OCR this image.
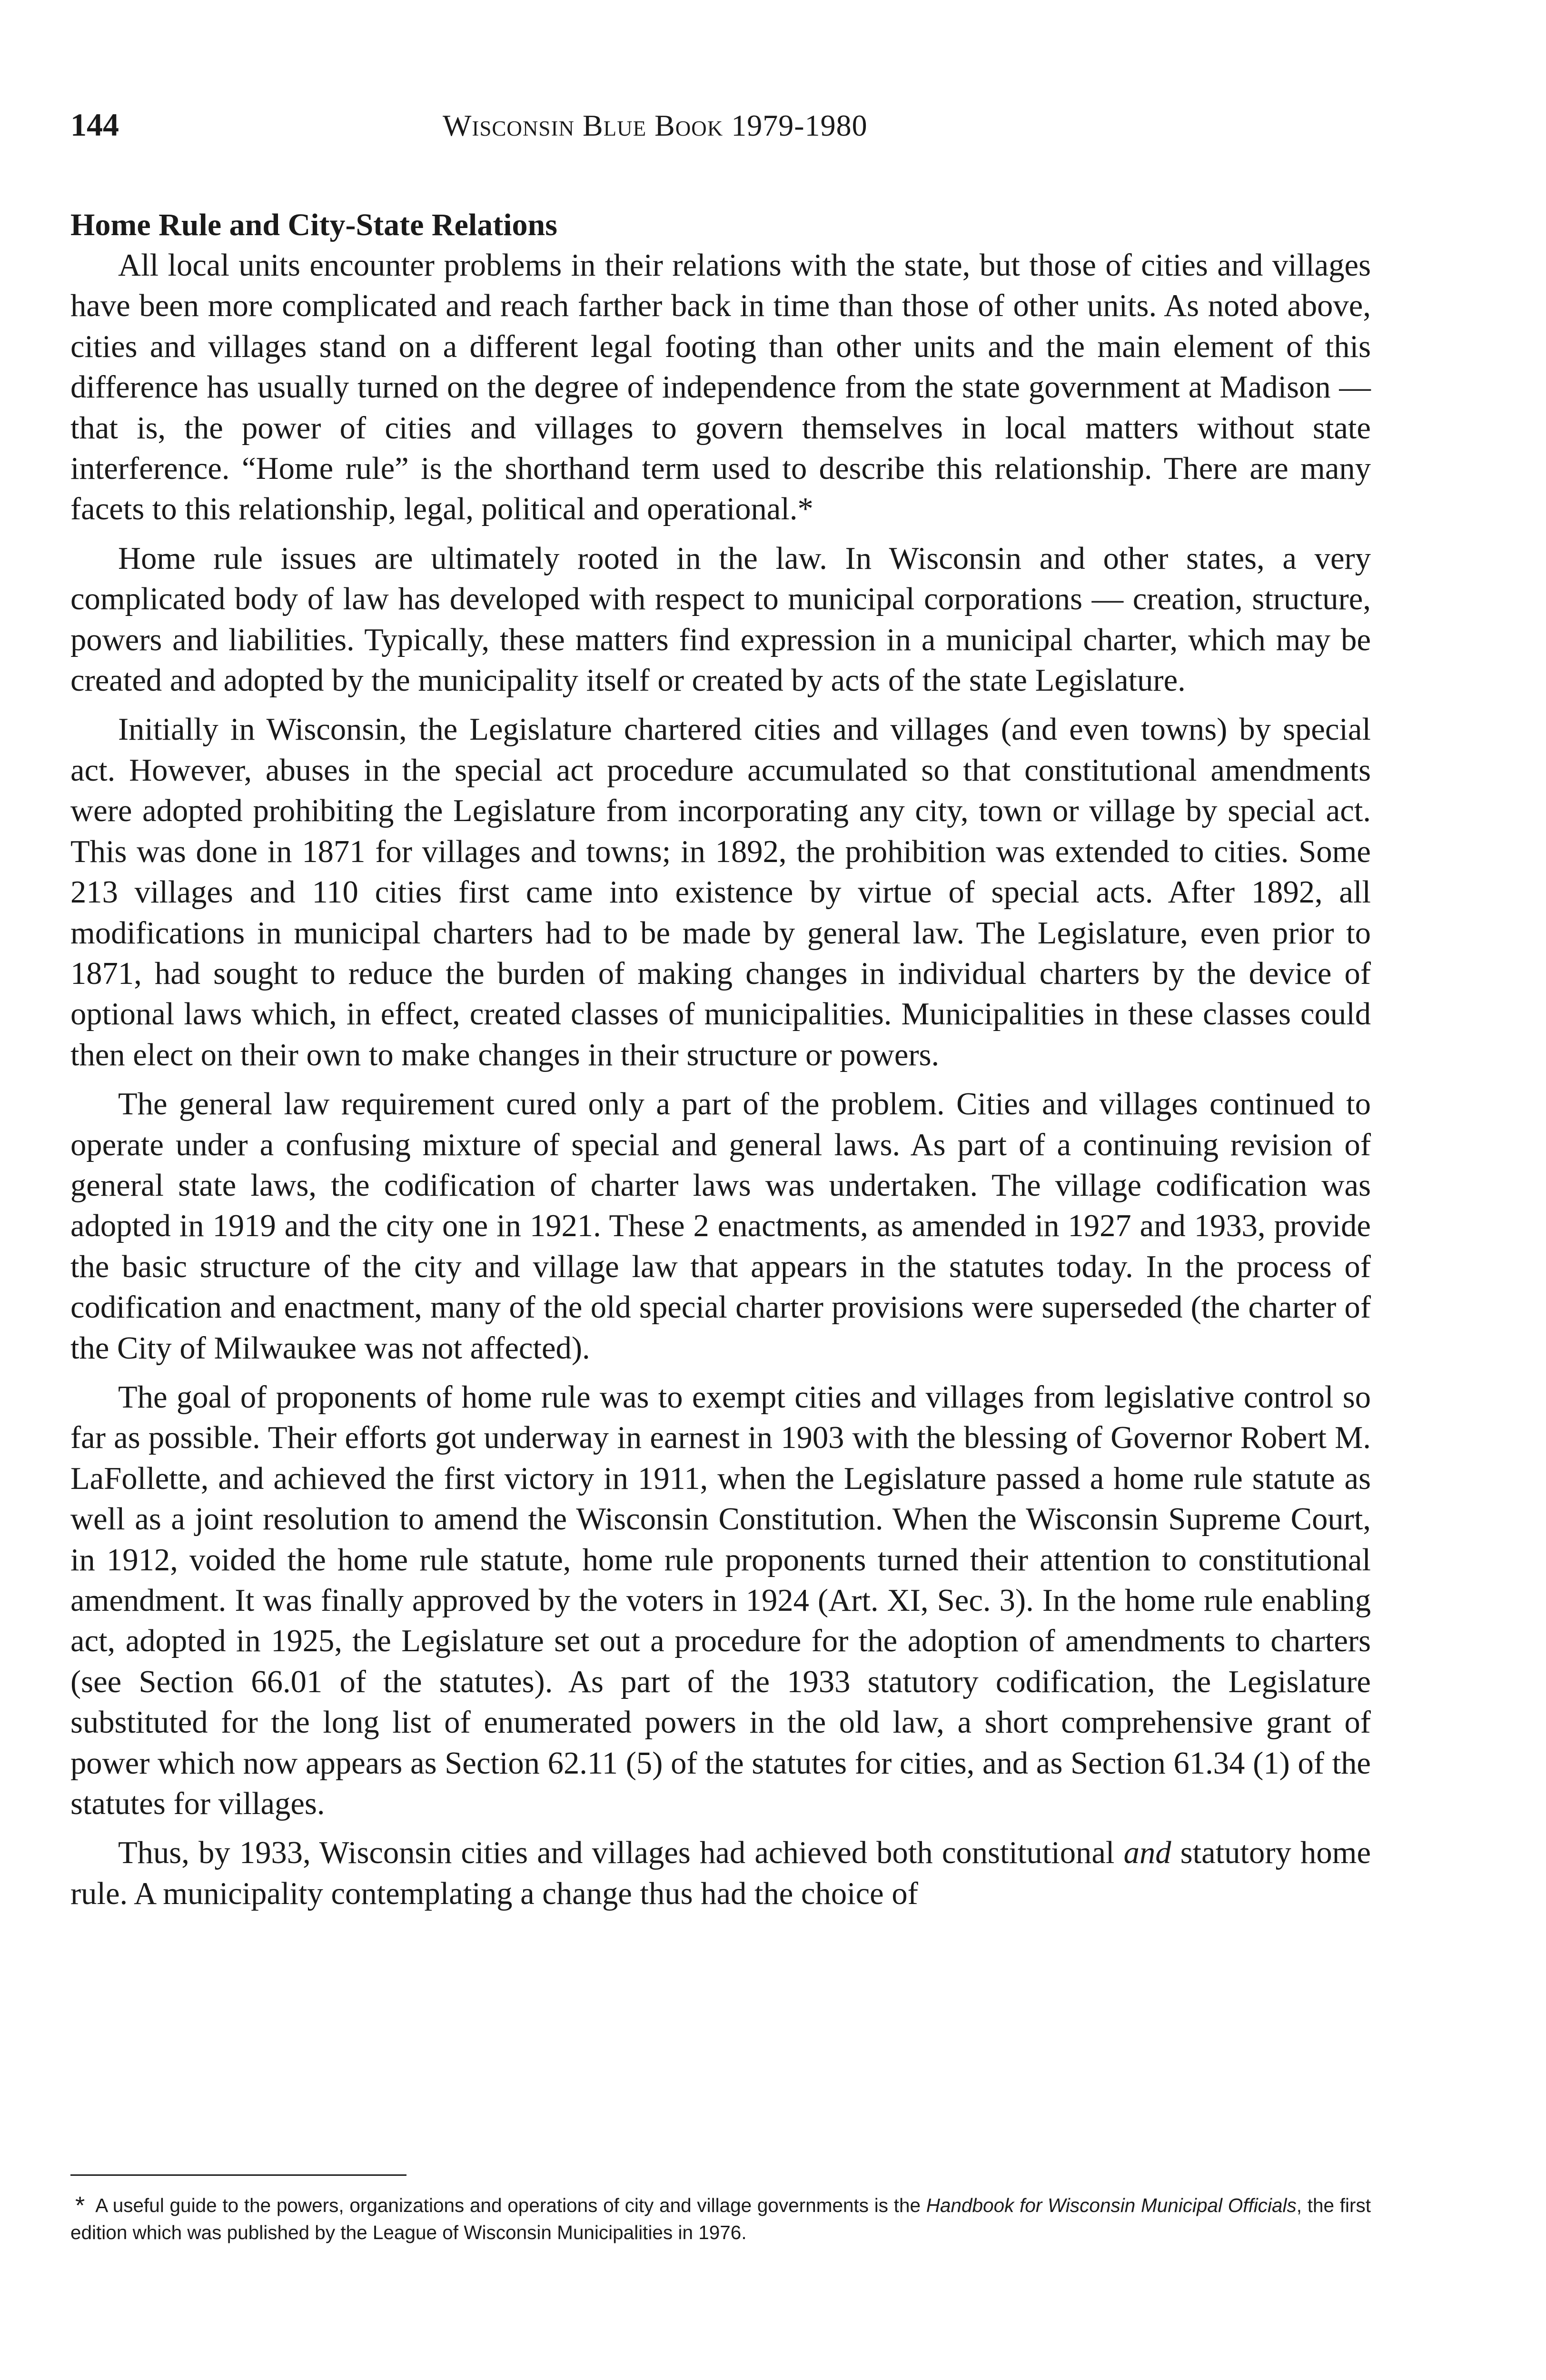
144	Wisconsin Blue Book 1979-1980
Home Rule and City-State Relations

All local units encounter problems in their relations with the state, but those of cities and villages have been more complicated and reach farther back in time than those of other units. As noted above, cities and villages stand on a different legal footing than other units and the main element of this difference has usually turned on the degree of independence from the state government at Madison — that is, the power of cities and villages to govern themselves in local matters without state interference. “Home rule” is the shorthand term used to describe this relationship. There are many facets to this relationship, legal, political and operational.*

Home rule issues are ultimately rooted in the law. In Wisconsin and other states, a very complicated body of law has developed with respect to municipal corporations — creation, structure, powers and liabilities. Typically, these matters find expression in a municipal charter, which may be created and adopted by the municipality itself or created by acts of the state Legislature.

Initially in Wisconsin, the Legislature chartered cities and villages (and even towns) by special act. However, abuses in the special act procedure accumulated so that constitutional amendments were adopted prohibiting the Legislature from incorporating any city, town or village by special act. This was done in 1871 for villages and towns; in 1892, the prohibition was extended to cities. Some 213 villages and 110 cities first came into existence by virtue of special acts. After 1892, all modifications in municipal charters had to be made by general law. The Legislature, even prior to 1871, had sought to reduce the burden of making changes in individual charters by the device of optional laws which, in effect, created classes of municipalities. Municipalities in these classes could then elect on their own to make changes in their structure or powers.

The general law requirement cured only a part of the problem. Cities and villages continued to operate under a confusing mixture of special and general laws. As part of a continuing revision of general state laws, the codification of charter laws was undertaken. The village codification was adopted in 1919 and the city one in 1921. These 2 enactments, as amended in 1927 and 1933, provide the basic structure of the city and village law that appears in the statutes today. In the process of codification and enactment, many of the old special charter provisions were superseded (the charter of the City of Milwaukee was not affected).

The goal of proponents of home rule was to exempt cities and villages from legislative control so far as possible. Their efforts got underway in earnest in 1903 with the blessing of Governor Robert M. LaFollette, and achieved the first victory in 1911, when the Legislature passed a home rule statute as well as a joint resolution to amend the Wisconsin Constitution. When the Wisconsin Supreme Court, in 1912, voided the home rule statute, home rule proponents turned their attention to constitutional amendment. It was finally approved by the voters in 1924 (Art. XI, Sec. 3). In the home rule enabling act, adopted in 1925, the Legislature set out a procedure for the adoption of amendments to charters (see Section 66.01 of the statutes). As part of the 1933 statutory codification, the Legislature substituted for the long list of enumerated powers in the old law, a short comprehensive grant of power which now appears as Section 62.11 (5) of the statutes for cities, and as Section 61.34 (1) of the statutes for villages.

Thus, by 1933, Wisconsin cities and villages had achieved both constitutional and statutory home rule. A municipality contemplating a change thus had the choice of

* A useful guide to the powers, organizations and operations of city and village governments is the Handbook for Wisconsin Municipal Officials, the first edition which was published by the League of Wisconsin Municipalities in 1976.
